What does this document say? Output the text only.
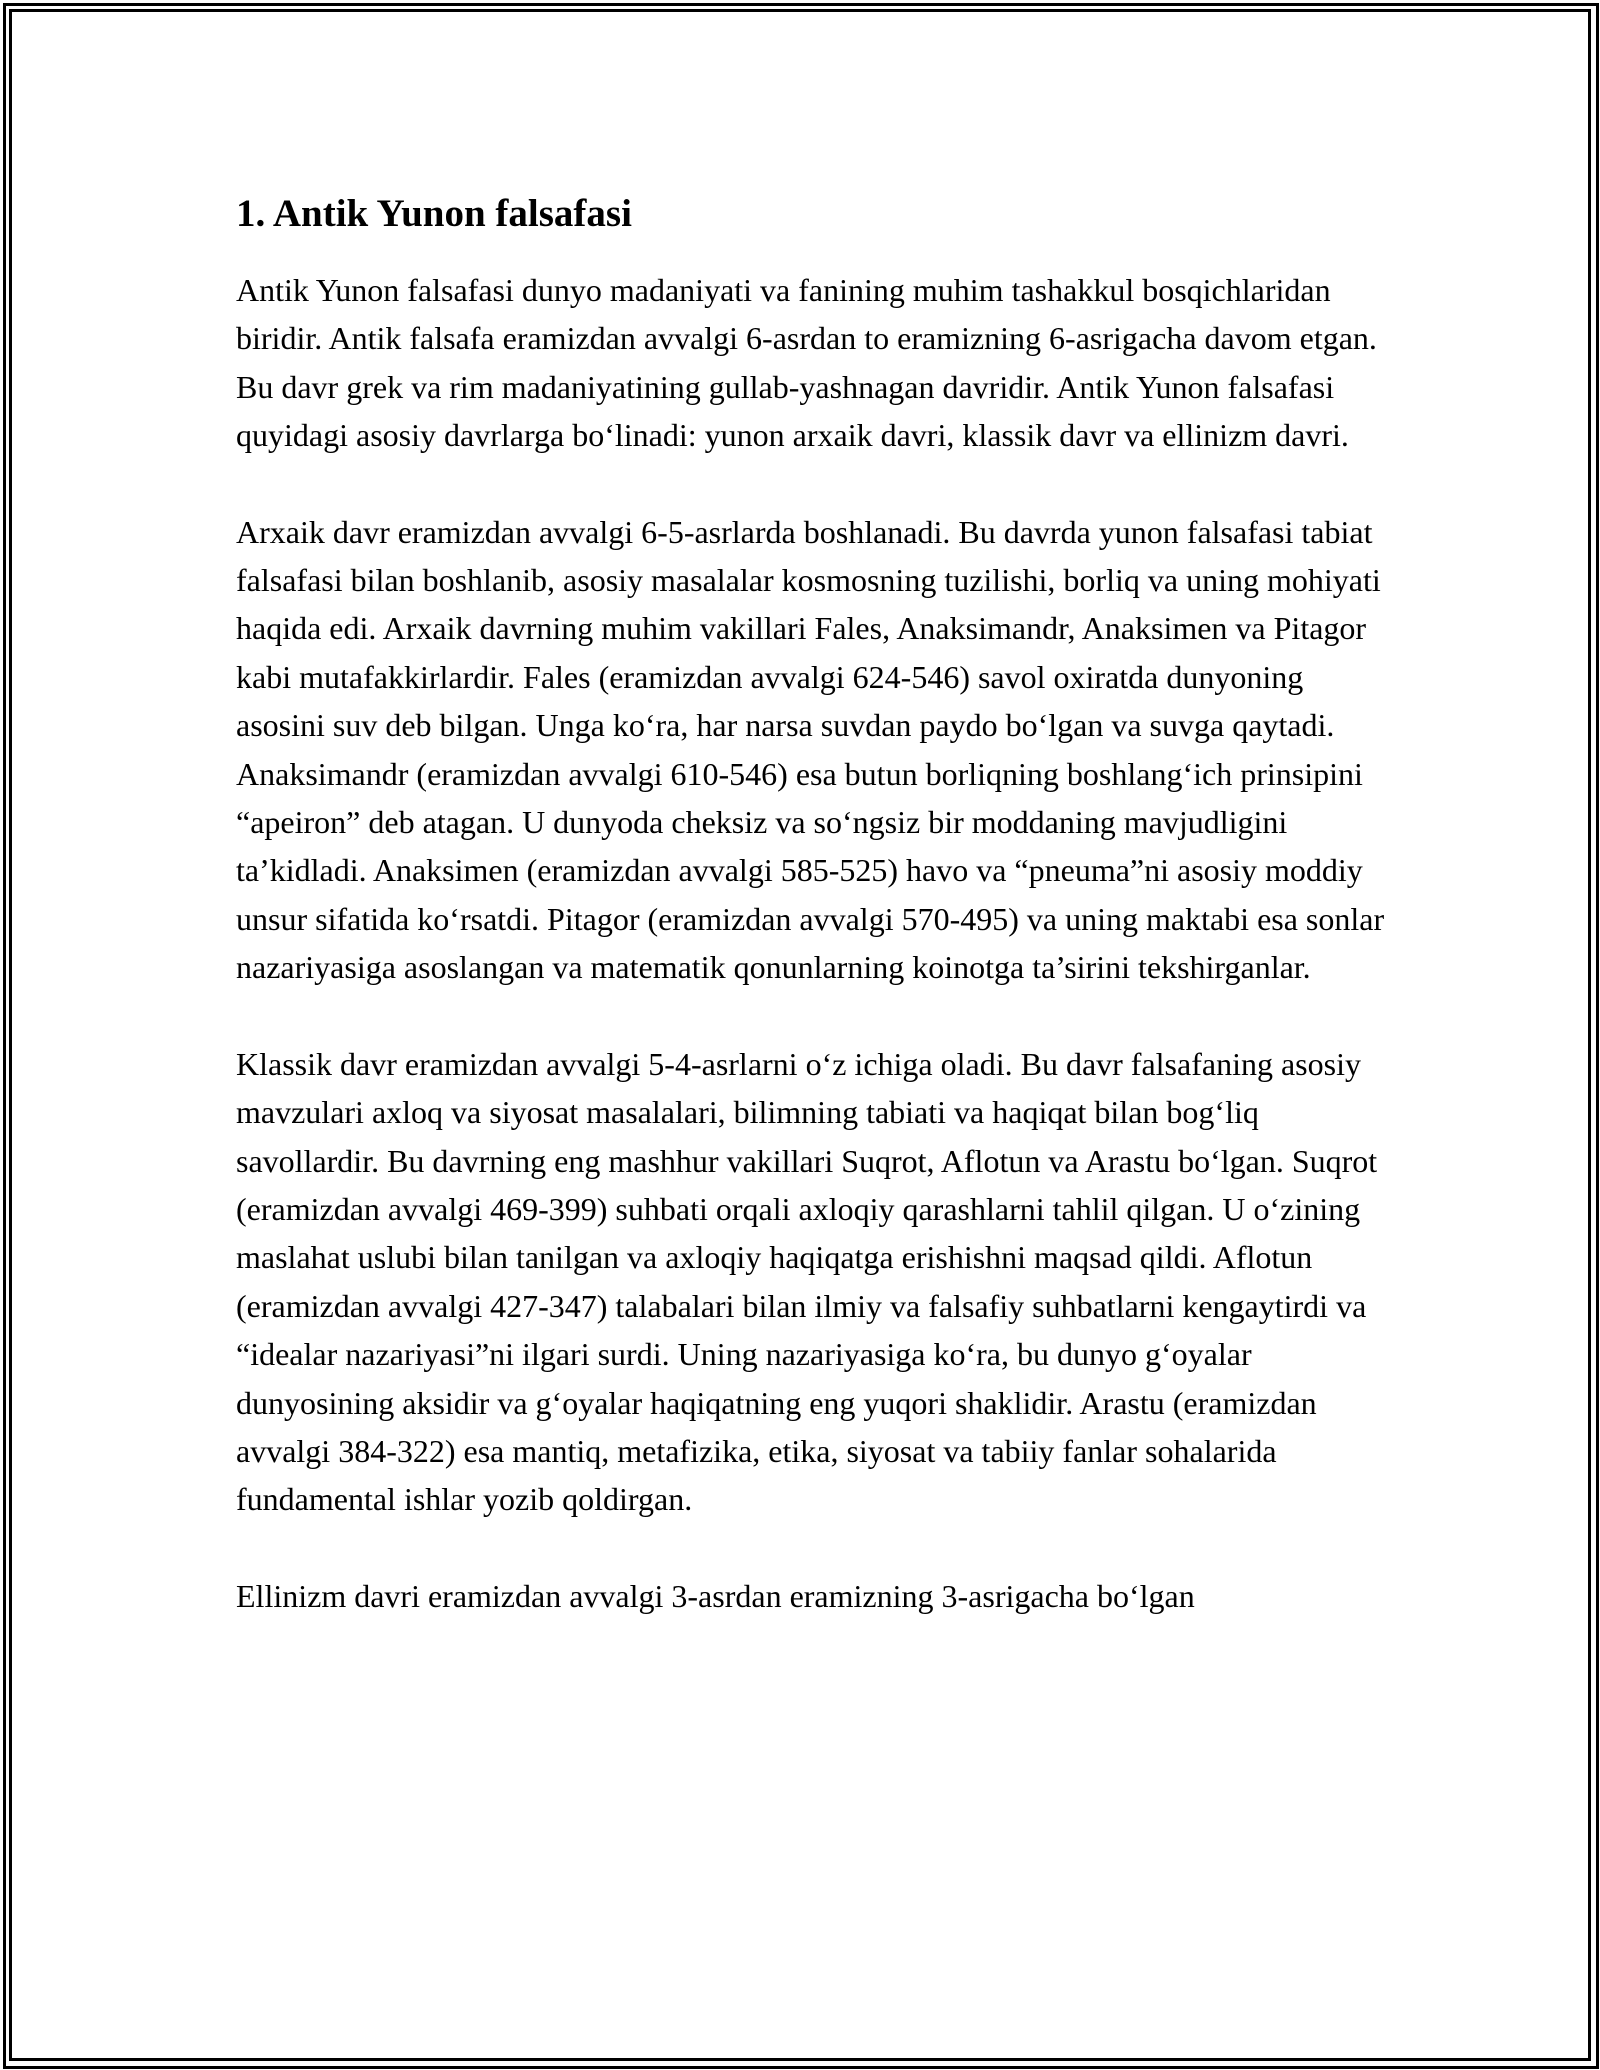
1. Antik Yunon falsafasi

Antik Yunon falsafasi dunyo madaniyati va fanining muhim tashakkul bosqichlaridan biridir. Antik falsafa eramizdan avvalgi 6-asrdan to eramizning 6-asrigacha davom etgan. Bu davr grek va rim madaniyatining gullab-yashnagan davridir. Antik Yunon falsafasi quyidagi asosiy davrlarga boʻlinadi: yunon arxaik davri, klassik davr va ellinizm davri.

Arxaik davr eramizdan avvalgi 6-5-asrlarda boshlanadi. Bu davrda yunon falsafasi tabiat falsafasi bilan boshlanib, asosiy masalalar kosmosning tuzilishi, borliq va uning mohiyati haqida edi. Arxaik davrning muhim vakillari Fales, Anaksimandr, Anaksimen va Pitagor kabi mutafakkirlardir. Fales (eramizdan avvalgi 624-546) savol oxiratda dunyoning asosini suv deb bilgan. Unga koʻra, har narsa suvdan paydo boʻlgan va suvga qaytadi. Anaksimandr (eramizdan avvalgi 610-546) esa butun borliqning boshlangʻich prinsipini “apeiron” deb atagan. U dunyoda cheksiz va soʻngsiz bir moddaning mavjudligini ta’kidladi. Anaksimen (eramizdan avvalgi 585-525) havo va “pneuma”ni asosiy moddiy unsur sifatida koʻrsatdi. Pitagor (eramizdan avvalgi 570-495) va uning maktabi esa sonlar nazariyasiga asoslangan va matematik qonunlarning koinotga ta’sirini tekshirganlar.

Klassik davr eramizdan avvalgi 5-4-asrlarni oʻz ichiga oladi. Bu davr falsafaning asosiy mavzulari axloq va siyosat masalalari, bilimning tabiati va haqiqat bilan bogʻliq savollardir. Bu davrning eng mashhur vakillari Suqrot, Aflotun va Arastu boʻlgan. Suqrot (eramizdan avvalgi 469-399) suhbati orqali axloqiy qarashlarni tahlil qilgan. U oʻzining maslahat uslubi bilan tanilgan va axloqiy haqiqatga erishishni maqsad qildi. Aflotun (eramizdan avvalgi 427-347) talabalari bilan ilmiy va falsafiy suhbatlarni kengaytirdi va “idealar nazariyasi”ni ilgari surdi. Uning nazariyasiga koʻra, bu dunyo gʻoyalar dunyosining aksidir va gʻoyalar haqiqatning eng yuqori shaklidir. Arastu (eramizdan avvalgi 384-322) esa mantiq, metafizika, etika, siyosat va tabiiy fanlar sohalarida fundamental ishlar yozib qoldirgan.

Ellinizm davri eramizdan avvalgi 3-asrdan eramizning 3-asrigacha boʻlgan
